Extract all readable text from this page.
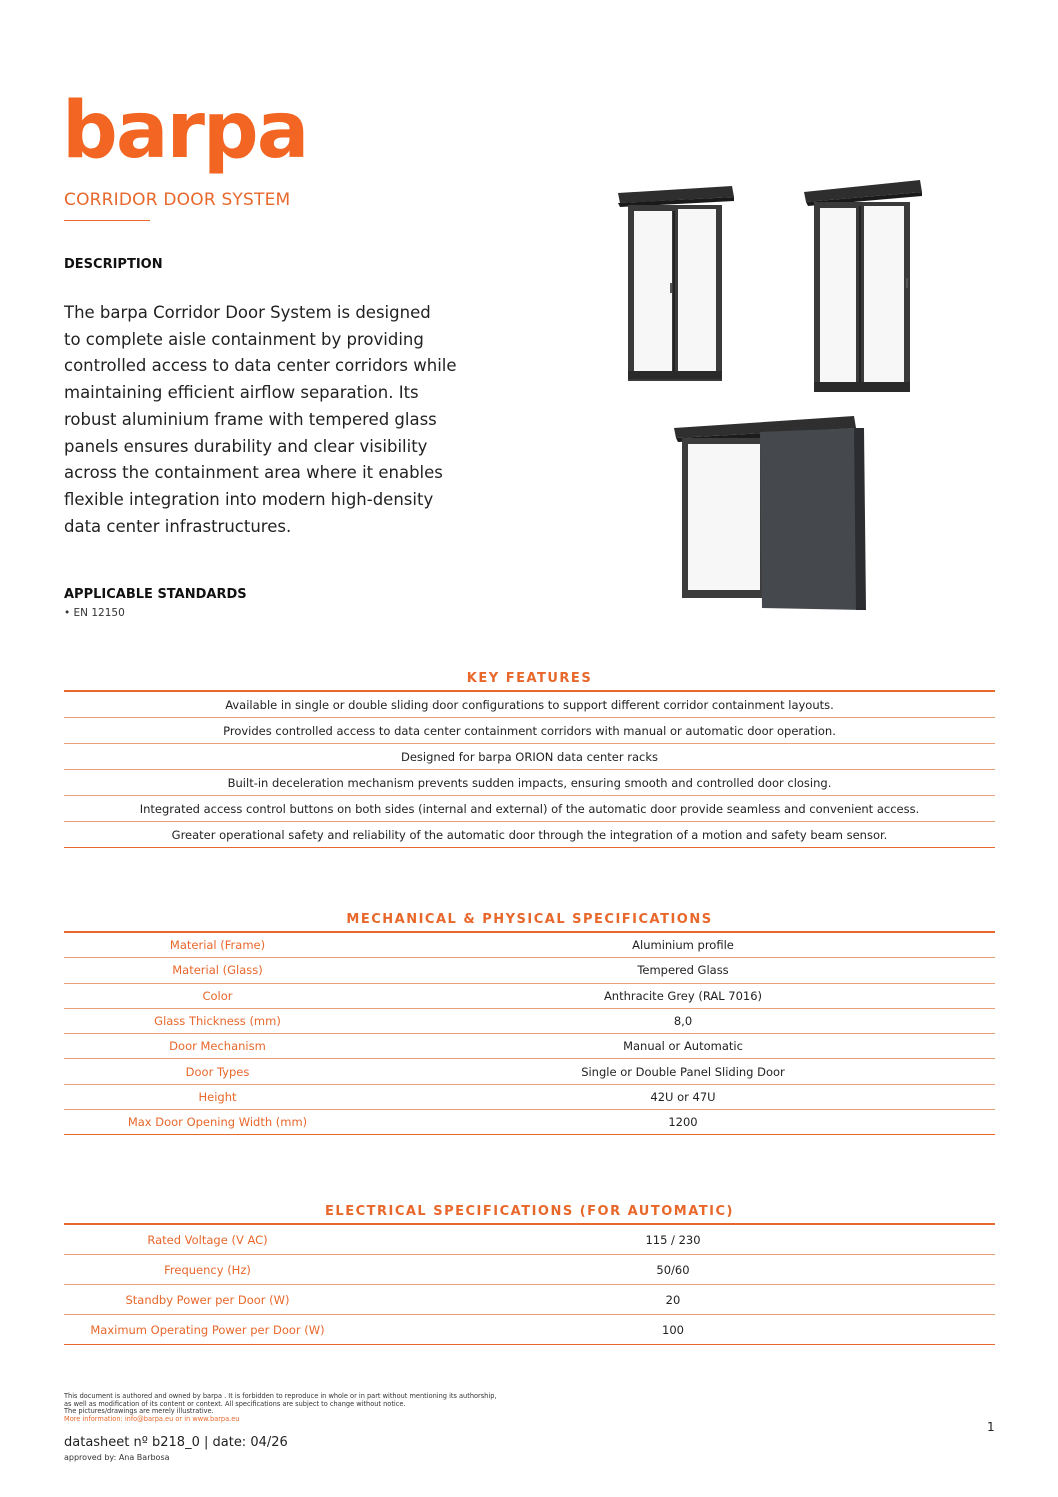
barpa
CORRIDOR DOOR SYSTEM
DESCRIPTION
The barpa Corridor Door System is designed
to complete aisle containment by providing
controlled access to data center corridors while
maintaining efficient airflow separation. Its
robust aluminium frame with tempered glass
panels ensures durability and clear visibility
across the containment area where it enables
flexible integration into modern high-density
data center infrastructures.
APPLICABLE STANDARDS
• EN 12150
KEY FEATURES
Available in single or double sliding door configurations to support different corridor containment layouts.
Provides controlled access to data center containment corridors with manual or automatic door operation.
Designed for barpa ORION data center racks
Built-in deceleration mechanism prevents sudden impacts, ensuring smooth and controlled door closing.
Integrated access control buttons on both sides (internal and external) of the automatic door provide seamless and convenient access.
Greater operational safety and reliability of the automatic door through the integration of a motion and safety beam sensor.
MECHANICAL & PHYSICAL SPECIFICATIONS
Material (Frame)	Aluminium profile
Material (Glass)	Tempered Glass
Color	Anthracite Grey (RAL 7016)
Glass Thickness (mm)	8,0
Door Mechanism	Manual or Automatic
Door Types	Single or Double Panel Sliding Door
Height	42U or 47U
Max Door Opening Width (mm)	1200
ELECTRICAL SPECIFICATIONS (FOR AUTOMATIC)
Rated Voltage (V AC)	115 / 230
Frequency (Hz)	50/60
Standby Power per Door (W)	20
Maximum Operating Power per Door (W)	100
This document is authored and owned by barpa . It is forbidden to reproduce in whole or in part without mentioning its authorship,
as well as modification of its content or context. All specifications are subject to change without notice.
The pictures/drawings are merely illustrative.
More information: info@barpa.eu or in www.barpa.eu
datasheet nº b218_0 | date: 04/26
approved by: Ana Barbosa
1
